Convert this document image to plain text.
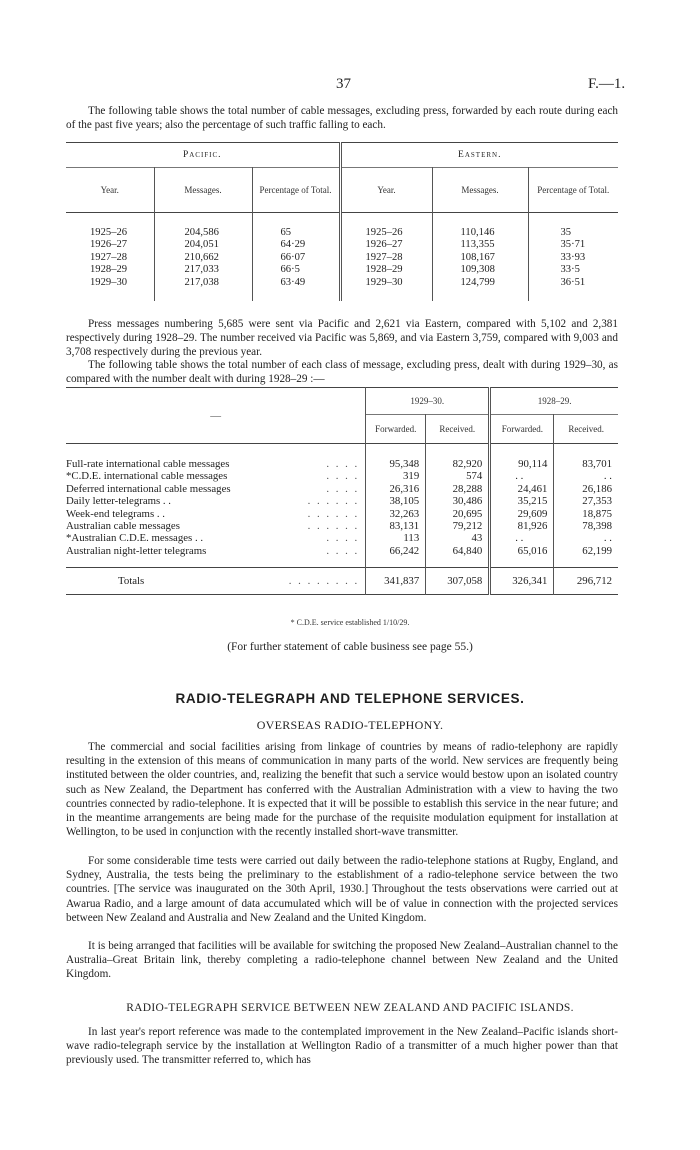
37	F.—1.

The following table shows the total number of cable messages, excluding press, forwarded by each route during each of the past five years; also the percentage of such traffic falling to each.

Pacific.			Eastern.		
Year.	Messages.	Percentage of Total.	Year.	Messages.	Percentage of Total.

1925–26	204,586	65	1925–26	110,146	35
1926–27	204,051	64·29	1926–27	113,355	35·71
1927–28	210,662	66·07	1927–28	108,167	33·93
1928–29	217,033	66·5	1928–29	109,308	33·5
1929–30	217,038	63·49	1929–30	124,799	36·51

Press messages numbering 5,685 were sent via Pacific and 2,621 via Eastern, compared with 5,102 and 2,381 respectively during 1928–29. The number received via Pacific was 5,869, and via Eastern 3,759, compared with 9,003 and 3,708 respectively during the previous year.

The following table shows the total number of each class of message, excluding press, dealt with during 1929–30, as compared with the number dealt with during 1928–29 :—

—	1929–30.		1928–29.	
	Forwarded.	Received.	Forwarded.	Received.

Full-rate international cable messages . . . .	95,348	82,920	90,114	83,701
*C.D.E. international cable messages . . . .	319	574	. .	. .
Deferred international cable messages . . . .	26,316	28,288	24,461	26,186
Daily letter-telegrams . . . . . . . .	38,105	30,486	35,215	27,353
Week-end telegrams . . . . . . . .	32,263	20,695	29,609	18,875
Australian cable messages . . . . . .	83,131	79,212	81,926	78,398
*Australian C.D.E. messages . . . . . .	113	43	. .	. .
Australian night-letter telegrams . . . .	66,242	64,840	65,016	62,199

Totals . . . . . . . .	341,837	307,058	326,341	296,712
* C.D.E. service established 1/10/29.
(For further statement of cable business see page 55.)
RADIO-TELEGRAPH AND TELEPHONE SERVICES.
OVERSEAS RADIO-TELEPHONY.

The commercial and social facilities arising from linkage of countries by means of radio-telephony are rapidly resulting in the extension of this means of communication in many parts of the world. New services are frequently being instituted between the older countries, and, realizing the benefit that such a service would bestow upon an isolated country such as New Zealand, the Department has conferred with the Australian Administration with a view to having the two countries connected by radio-telephone. It is expected that it will be possible to establish this service in the near future; and in the meantime arrangements are being made for the purchase of the requisite modulation equipment for installation at Wellington, to be used in conjunction with the recently installed short-wave transmitter.

For some considerable time tests were carried out daily between the radio-telephone stations at Rugby, England, and Sydney, Australia, the tests being the preliminary to the establishment of a radio-telephone service between the two countries. [The service was inaugurated on the 30th April, 1930.] Throughout the tests observations were carried out at Awarua Radio, and a large amount of data accumulated which will be of value in connection with the projected services between New Zealand and Australia and New Zealand and the United Kingdom.

It is being arranged that facilities will be available for switching the proposed New Zealand–Australian channel to the Australia–Great Britain link, thereby completing a radio-telephone channel between New Zealand and the United Kingdom.

RADIO-TELEGRAPH SERVICE BETWEEN NEW ZEALAND AND PACIFIC ISLANDS.

In last year's report reference was made to the contemplated improvement in the New Zealand–Pacific islands short-wave radio-telegraph service by the installation at Wellington Radio of a transmitter of a much higher power than that previously used. The transmitter referred to, which has
